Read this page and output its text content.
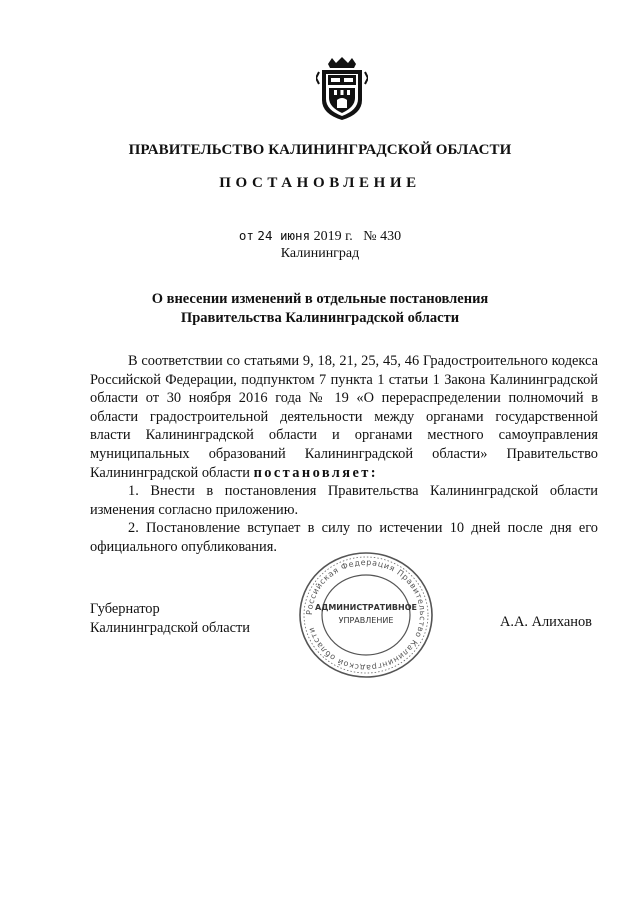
ПРАВИТЕЛЬСТВО КАЛИНИНГРАДСКОЙ ОБЛАСТИ
ПОСТАНОВЛЕНИЕ
от 24 июня 2019 г. № 430
Калининград
О внесении изменений в отдельные постановления
Правительства Калининградской области

В соответствии со статьями 9, 18, 21, 25, 45, 46 Градостроительного кодекса Российской Федерации, подпунктом 7 пункта 1 статьи 1 Закона Калининградской области от 30 ноября 2016 года № 19 «О перераспределении полномочий в области градостроительной деятельности между органами государственной власти Калининградской области и органами местного самоуправления муниципальных образований Калининградской области» Правительство Калининградской области постановляет:

1. Внести в постановления Правительства Калининградской области изменения согласно приложению.

2. Постановление вступает в силу по истечении 10 дней после дня его официального опубликования.

Губернатор
Калининградской области	А.А. Алиханов
Российская Федерация Правительство Калининградской области
АДМИНИСТРАТИВНОЕ
УПРАВЛЕНИЕ
